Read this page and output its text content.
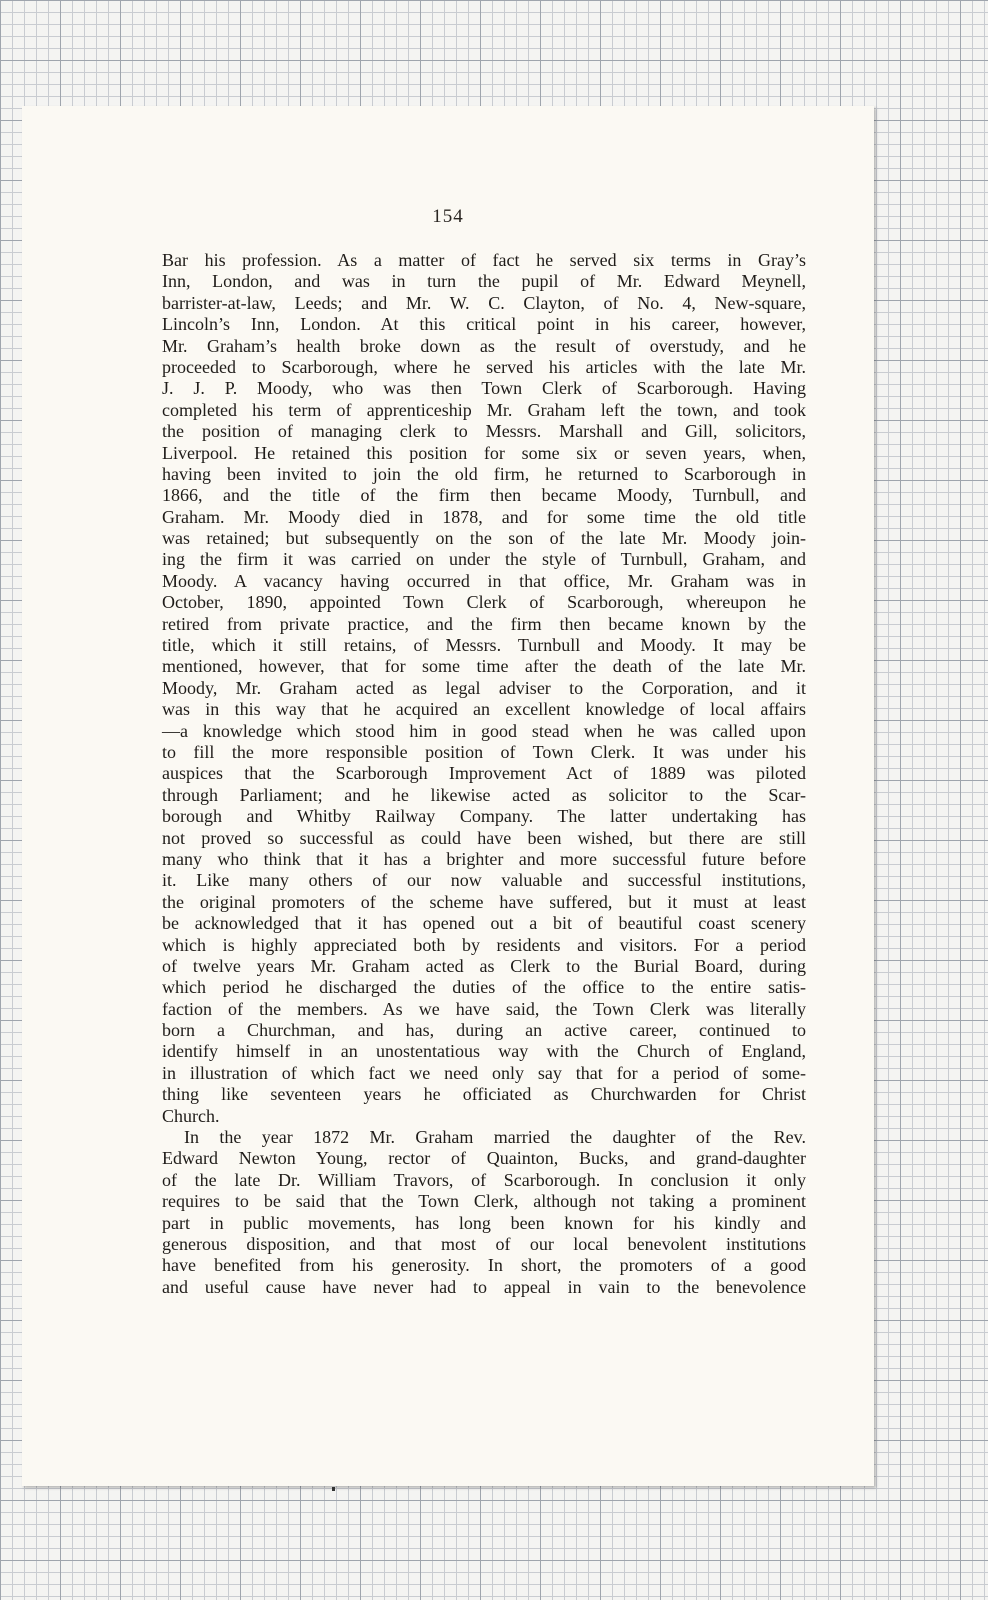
154
Bar his profession. As a matter of fact he served six terms in Gray’s
Inn, London, and was in turn the pupil of Mr. Edward Meynell,
barrister-at-law, Leeds; and Mr. W. C. Clayton, of No. 4, New-square,
Lincoln’s Inn, London. At this critical point in his career, however,
Mr. Graham’s health broke down as the result of overstudy, and he
proceeded to Scarborough, where he served his articles with the late Mr.
J. J. P. Moody, who was then Town Clerk of Scarborough. Having
completed his term of apprenticeship Mr. Graham left the town, and took
the position of managing clerk to Messrs. Marshall and Gill, solicitors,
Liverpool. He retained this position for some six or seven years, when,
having been invited to join the old firm, he returned to Scarborough in
1866, and the title of the firm then became Moody, Turnbull, and
Graham. Mr. Moody died in 1878, and for some time the old title
was retained; but subsequently on the son of the late Mr. Moody join-
ing the firm it was carried on under the style of Turnbull, Graham, and
Moody. A vacancy having occurred in that office, Mr. Graham was in
October, 1890, appointed Town Clerk of Scarborough, whereupon he
retired from private practice, and the firm then became known by the
title, which it still retains, of Messrs. Turnbull and Moody. It may be
mentioned, however, that for some time after the death of the late Mr.
Moody, Mr. Graham acted as legal adviser to the Corporation, and it
was in this way that he acquired an excellent knowledge of local affairs
—a knowledge which stood him in good stead when he was called upon
to fill the more responsible position of Town Clerk. It was under his
auspices that the Scarborough Improvement Act of 1889 was piloted
through Parliament; and he likewise acted as solicitor to the Scar-
borough and Whitby Railway Company. The latter undertaking has
not proved so successful as could have been wished, but there are still
many who think that it has a brighter and more successful future before
it. Like many others of our now valuable and successful institutions,
the original promoters of the scheme have suffered, but it must at least
be acknowledged that it has opened out a bit of beautiful coast scenery
which is highly appreciated both by residents and visitors. For a period
of twelve years Mr. Graham acted as Clerk to the Burial Board, during
which period he discharged the duties of the office to the entire satis-
faction of the members. As we have said, the Town Clerk was literally
born a Churchman, and has, during an active career, continued to
identify himself in an unostentatious way with the Church of England,
in illustration of which fact we need only say that for a period of some-
thing like seventeen years he officiated as Churchwarden for Christ
Church.
In the year 1872 Mr. Graham married the daughter of the Rev.
Edward Newton Young, rector of Quainton, Bucks, and grand-daughter
of the late Dr. William Travors, of Scarborough. In conclusion it only
requires to be said that the Town Clerk, although not taking a prominent
part in public movements, has long been known for his kindly and
generous disposition, and that most of our local benevolent institutions
have benefited from his generosity. In short, the promoters of a good
and useful cause have never had to appeal in vain to the benevolence
